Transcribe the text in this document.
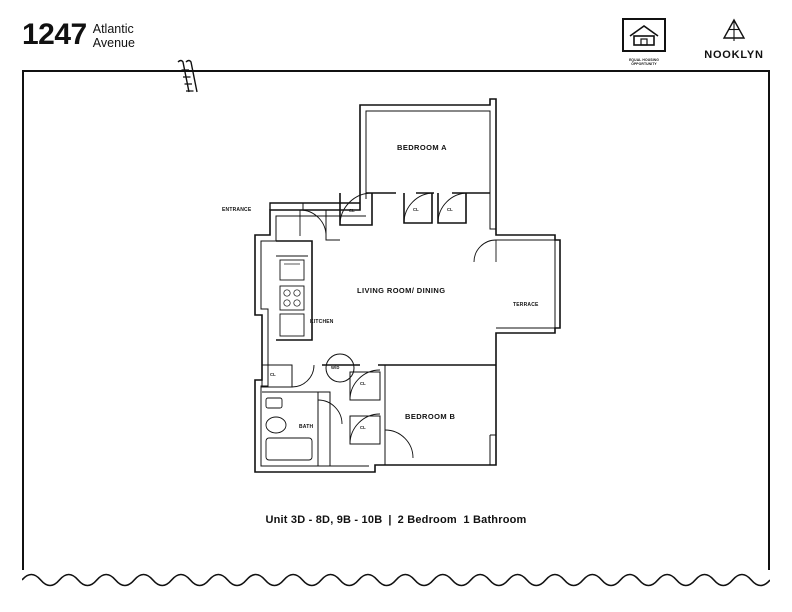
1247 Atlantic
Avenue
EQUAL HOUSING OPPORTUNITY
NOOKLYN
BEDROOM A
LIVING ROOM/ DINING
BEDROOM B
KITCHEN
BATH
TERRACE
ENTRANCE	CL	CL	CL
CL
CL
CL
W/D
Unit 3D - 8D, 9B - 10B | 2 Bedroom 1 Bathroom
